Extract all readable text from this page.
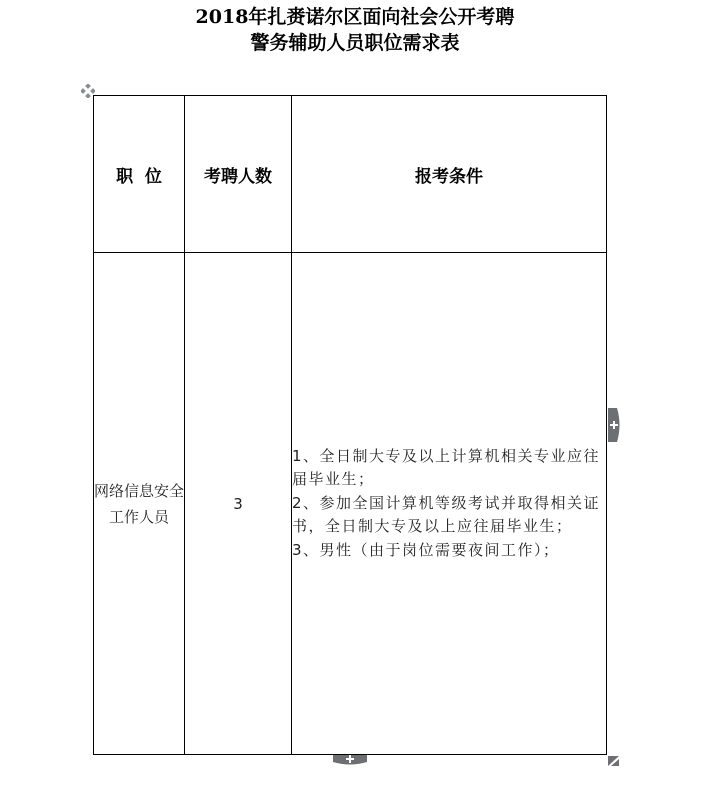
2018年扎赉诺尔区面向社会公开考聘
警务辅助人员职位需求表
职  位	考聘人数	报考条件
网络信息安全工作人员	3	1、全日制大专及以上计算机相关专业应往届毕业生；
2、参加全国计算机等级考试并取得相关证书，全日制大专及以上应往届毕业生；
3、男性（由于岗位需要夜间工作）；
